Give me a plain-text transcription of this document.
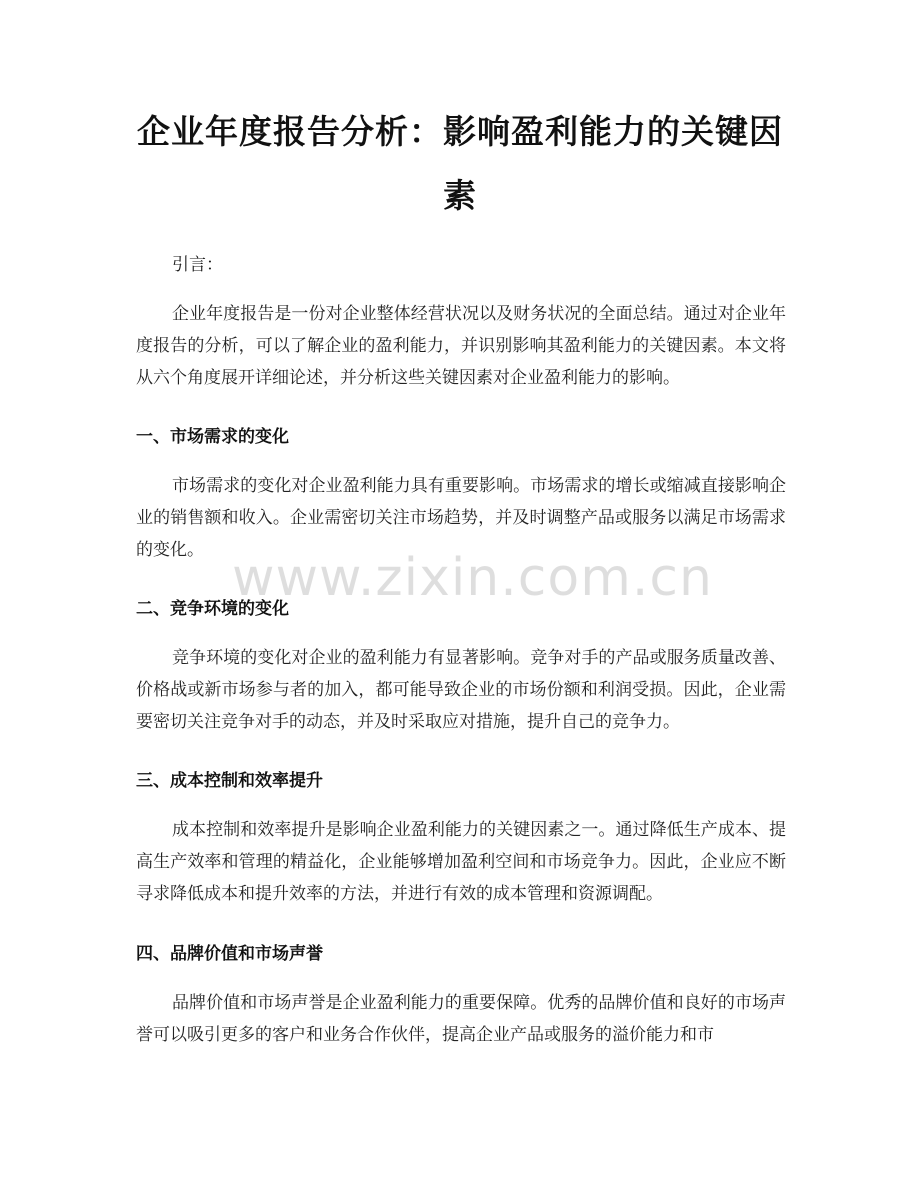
企业年度报告分析：影响盈利能力的关键因素

引言：

企业年度报告是一份对企业整体经营状况以及财务状况的全面总结。通过对企业年度报告的分析，可以了解企业的盈利能力，并识别影响其盈利能力的关键因素。本文将从六个角度展开详细论述，并分析这些关键因素对企业盈利能力的影响。

一、市场需求的变化

市场需求的变化对企业盈利能力具有重要影响。市场需求的增长或缩减直接影响企业的销售额和收入。企业需密切关注市场趋势，并及时调整产品或服务以满足市场需求的变化。

二、竞争环境的变化

竞争环境的变化对企业的盈利能力有显著影响。竞争对手的产品或服务质量改善、价格战或新市场参与者的加入，都可能导致企业的市场份额和利润受损。因此，企业需要密切关注竞争对手的动态，并及时采取应对措施，提升自己的竞争力。

三、成本控制和效率提升

成本控制和效率提升是影响企业盈利能力的关键因素之一。通过降低生产成本、提高生产效率和管理的精益化，企业能够增加盈利空间和市场竞争力。因此，企业应不断寻求降低成本和提升效率的方法，并进行有效的成本管理和资源调配。

四、品牌价值和市场声誉

品牌价值和市场声誉是企业盈利能力的重要保障。优秀的品牌价值和良好的市场声誉可以吸引更多的客户和业务合作伙伴，提高企业产品或服务的溢价能力和市

www.zixin.com.cn
